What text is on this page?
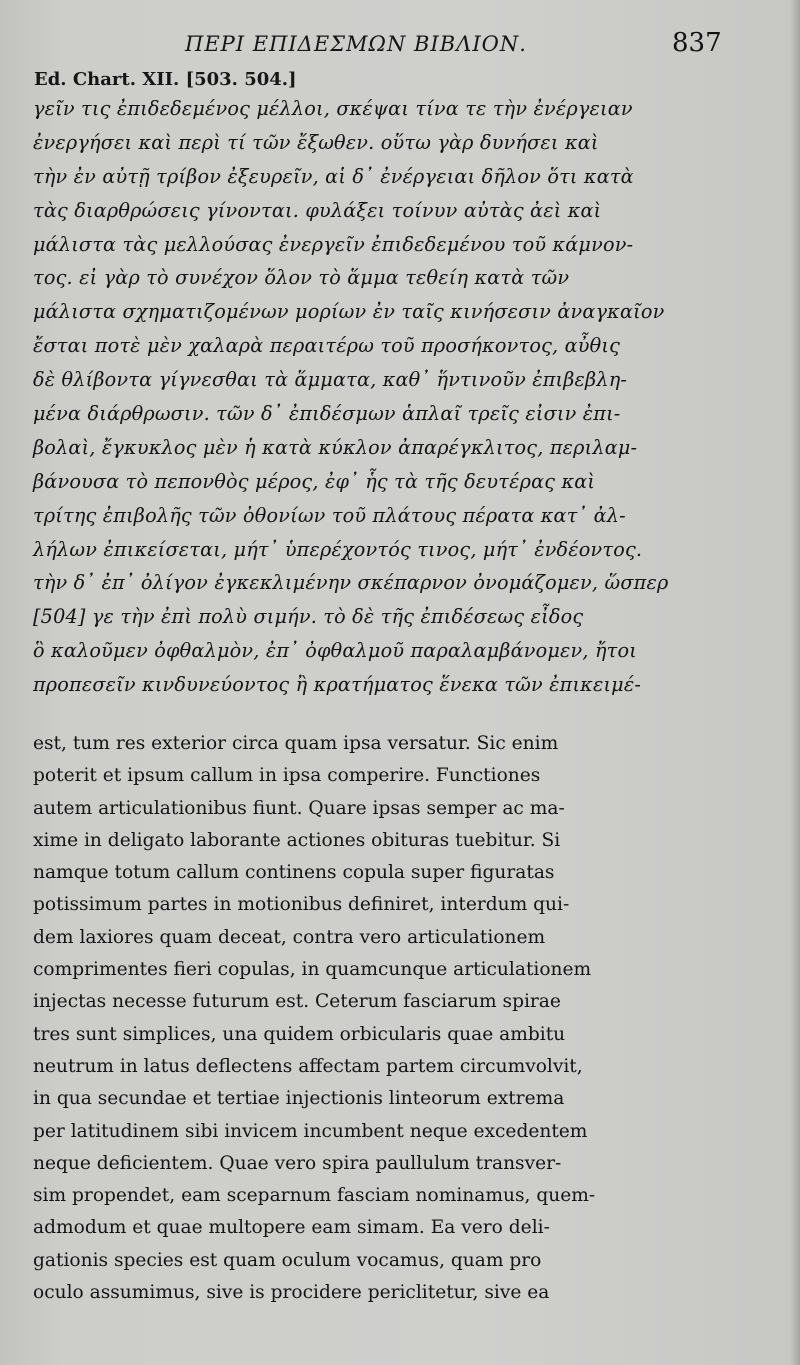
ΠΕΡΙ ΕΠΙΔΕΣΜΩΝ ΒΙΒΛΙΟΝ.	837
Ed. Chart. XII. [503. 504.]
γεῖν τις ἐπιδεδεμένος μέλλοι, σκέψαι τίνα τε τὴν ἐνέργειαν
ἐνεργήσει καὶ περὶ τί τῶν ἔξωθεν. οὕτω γὰρ δυνήσει καὶ
τὴν ἐν αὐτῇ τρίβον ἐξευρεῖν, αἱ δ᾿ ἐνέργειαι δῆλον ὅτι κατὰ
τὰς διαρθρώσεις γίνονται. φυλάξει τοίνυν αὐτὰς ἀεὶ καὶ
μάλιστα τὰς μελλούσας ἐνεργεῖν ἐπιδεδεμένου τοῦ κάμνον-
τος. εἰ γὰρ τὸ συνέχον ὅλον τὸ ἅμμα τεθείη κατὰ τῶν
μάλιστα σχηματιζομένων μορίων ἐν ταῖς κινήσεσιν ἀναγκαῖον
ἔσται ποτὲ μὲν χαλαρὰ περαιτέρω τοῦ προσήκοντος, αὖθις
δὲ θλίβοντα γίγνεσθαι τὰ ἅμματα, καθ᾿ ἥντινοῦν ἐπιβεβλη-
μένα διάρθρωσιν. τῶν δ᾿ ἐπιδέσμων ἁπλαῖ τρεῖς εἰσιν ἐπι-
βολαὶ, ἔγκυκλος μὲν ἡ κατὰ κύκλον ἀπαρέγκλιτος, περιλαμ-
βάνουσα τὸ πεπονθὸς μέρος, ἐφ᾿ ἧς τὰ τῆς δευτέρας καὶ
τρίτης ἐπιβολῆς τῶν ὀθονίων τοῦ πλάτους πέρατα κατ᾿ ἀλ-
λήλων ἐπικείσεται, μήτ᾿ ὑπερέχοντός τινος, μήτ᾿ ἐνδέοντος.
τὴν δ᾿ ἐπ᾿ ὀλίγον ἐγκεκλιμένην σκέπαρνον ὀνομάζομεν, ὥσπερ
[504] γε τὴν ἐπὶ πολὺ σιμήν. τὸ δὲ τῆς ἐπιδέσεως εἶδος
ὃ καλοῦμεν ὀφθαλμὸν, ἐπ᾿ ὀφθαλμοῦ παραλαμβάνομεν, ἤτοι
προπεσεῖν κινδυνεύοντος ἢ κρατήματος ἕνεκα τῶν ἐπικειμέ-
est, tum res exterior circa quam ipsa versatur. Sic enim
poterit et ipsum callum in ipsa comperire. Functiones
autem articulationibus fiunt. Quare ipsas semper ac ma-
xime in deligato laborante actiones obituras tuebitur. Si
namque totum callum continens copula super figuratas
potissimum partes in motionibus definiret, interdum qui-
dem laxiores quam deceat, contra vero articulationem
comprimentes fieri copulas, in quamcunque articulationem
injectas necesse futurum est. Ceterum fasciarum spirae
tres sunt simplices, una quidem orbicularis quae ambitu
neutrum in latus deflectens affectam partem circumvolvit,
in qua secundae et tertiae injectionis linteorum extrema
per latitudinem sibi invicem incumbent neque excedentem
neque deficientem. Quae vero spira paullulum transver-
sim propendet, eam sceparnum fasciam nominamus, quem-
admodum et quae multopere eam simam. Ea vero deli-
gationis species est quam oculum vocamus, quam pro
oculo assumimus, sive is procidere periclitetur, sive ea
